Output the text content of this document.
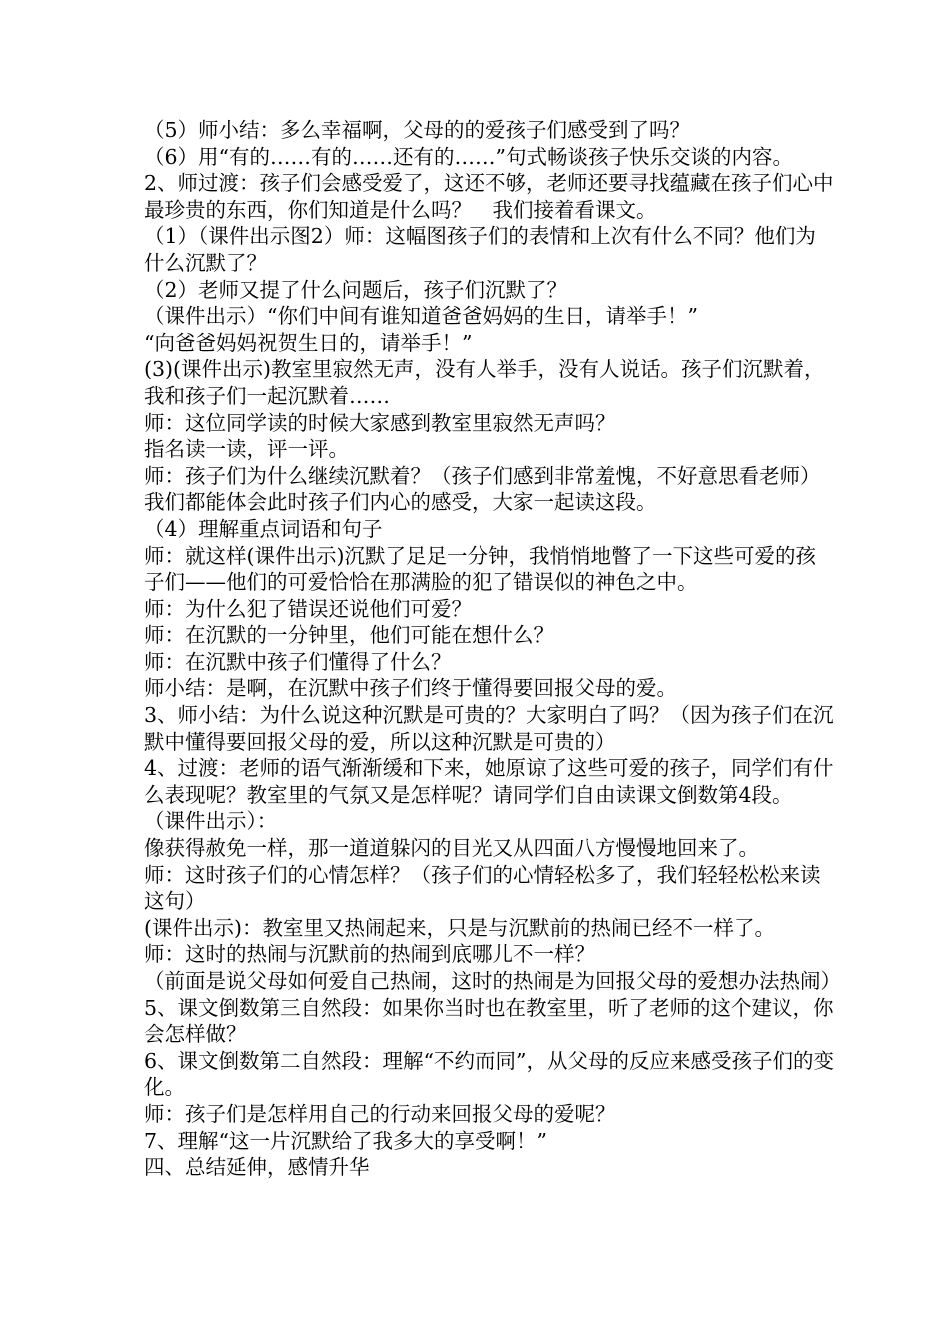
（5）师小结：多么幸福啊，父母的的爱孩子们感受到了吗？

（6）用“有的……有的……还有的……”句式畅谈孩子快乐交谈的内容。

2、师过渡：孩子们会感受爱了，这还不够，老师还要寻找蕴藏在孩子们心中最珍贵的东西，你们知道是什么吗？　我们接着看课文。

（1）（课件出示图2）师：这幅图孩子们的表情和上次有什么不同？他们为什么沉默了？

（2）老师又提了什么问题后，孩子们沉默了？

（课件出示）“你们中间有谁知道爸爸妈妈的生日，请举手！”

“向爸爸妈妈祝贺生日的，请举手！”

(3)(课件出示)教室里寂然无声，没有人举手，没有人说话。孩子们沉默着，我和孩子们一起沉默着……

师：这位同学读的时候大家感到教室里寂然无声吗？

指名读一读，评一评。

师：孩子们为什么继续沉默着？（孩子们感到非常羞愧，不好意思看老师）

我们都能体会此时孩子们内心的感受，大家一起读这段。

（4）理解重点词语和句子

师：就这样(课件出示)沉默了足足一分钟，我悄悄地瞥了一下这些可爱的孩子们——他们的可爱恰恰在那满脸的犯了错误似的神色之中。

师：为什么犯了错误还说他们可爱？

师：在沉默的一分钟里，他们可能在想什么？

师：在沉默中孩子们懂得了什么？

师小结：是啊，在沉默中孩子们终于懂得要回报父母的爱。

3、师小结：为什么说这种沉默是可贵的？大家明白了吗？（因为孩子们在沉默中懂得要回报父母的爱，所以这种沉默是可贵的）

4、过渡：老师的语气渐渐缓和下来，她原谅了这些可爱的孩子，同学们有什么表现呢？教室里的气氛又是怎样呢？请同学们自由读课文倒数第4段。

（课件出示）：

像获得赦免一样，那一道道躲闪的目光又从四面八方慢慢地回来了。

师：这时孩子们的心情怎样？（孩子们的心情轻松多了，我们轻轻松松来读这句）

(课件出示)：教室里又热闹起来，只是与沉默前的热闹已经不一样了。

师：这时的热闹与沉默前的热闹到底哪儿不一样？

（前面是说父母如何爱自己热闹，这时的热闹是为回报父母的爱想办法热闹）

5、课文倒数第三自然段：如果你当时也在教室里，听了老师的这个建议，你会怎样做？

6、课文倒数第二自然段：理解“不约而同”，从父母的反应来感受孩子们的变化。

师：孩子们是怎样用自己的行动来回报父母的爱呢？

7、理解“这一片沉默给了我多大的享受啊！”

四、总结延伸，感情升华
